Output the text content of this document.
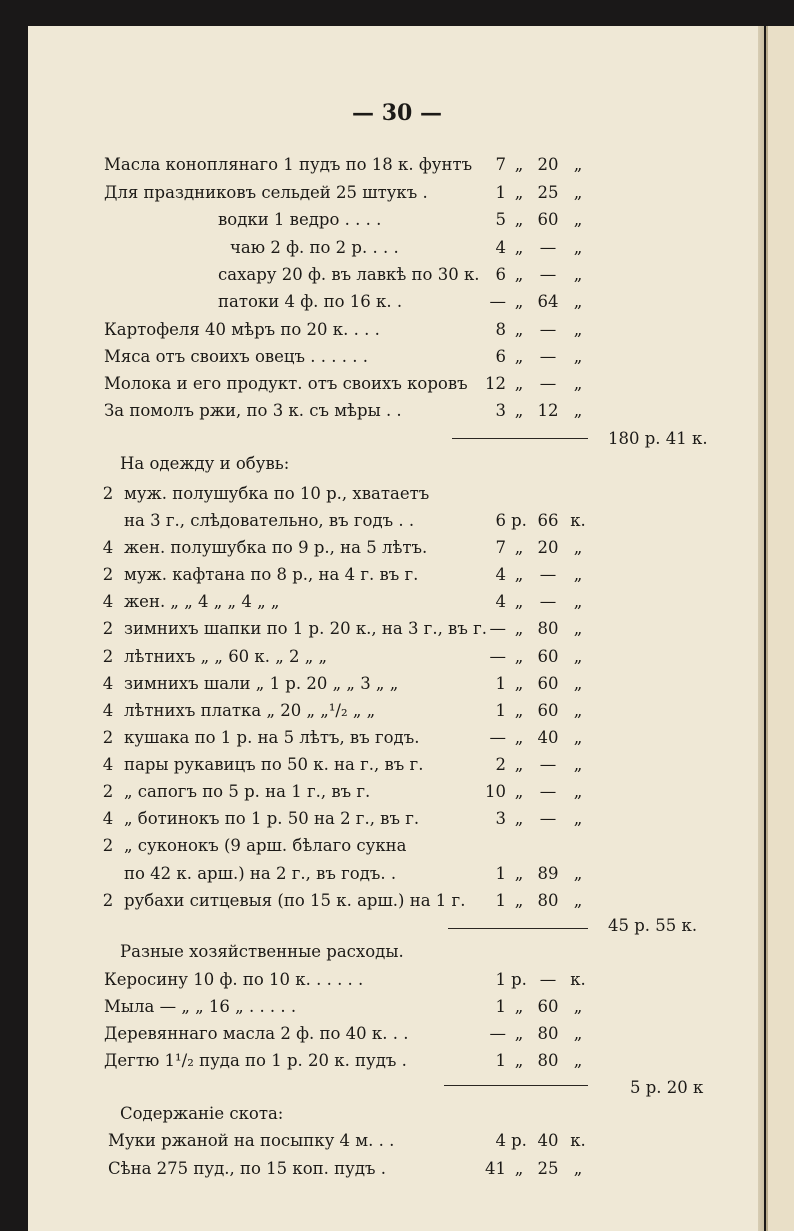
— 30 —
Масла коноплянаго 1 пудъ по 18 к. фунтъ	7 „ 20 „
Для праздниковъ сельдей 25 штукъ .	1 „ 25 „
водки 1 ведро . . . .	5 „ 60 „
чаю 2 ф. по 2 р. . . .	4 „ —	„
сахару 20 ф. въ лавкѣ по 30 к. 6 „ —	„
патоки 4 ф. по 16 к. .	— „ 64 „
Картофеля 40 мѣръ по 20 к. . . .	8 „ —	„
Мяса отъ своихъ овецъ . . . . . .	6 „ —	„
Молока и его продукт. отъ своихъ коровъ	12 „ —	„
За помолъ ржи, по 3 к. съ мѣры . .	3 „ 12 „
180 р. 41 к.
На одежду и обувь:
2 муж. полушубка по 10 р., хватаетъ
на 3 г., слѣдовательно, въ годъ . .	6 р. 66 к.
4 жен. полушубка по 9 р., на 5 лѣтъ.	7 „ 20 „
2 муж. кафтана по 8 р., на 4 г. въ г.	4 „ —	„
4 жен. „ „ 4 „ „ 4 „ „	4 „ —	„
2 зимнихъ шапки по 1 р. 20 к., на 3 г., въ г. — „ 80 „
2 лѣтнихъ „ „ 60 к. „ 2 „ „	— „ 60 „
4 зимнихъ шали „ 1 р. 20 „ „ 3 „ „	1 „ 60 „
4 лѣтнихъ платка „ 20 „ „¹/₂ „ „	1 „ 60 „
2 кушака по 1 р. на 5 лѣтъ, въ годъ.	— „ 40 „
4 пары рукавицъ по 50 к. на г., въ г.	2 „ —	„
2 „ сапогъ по 5 р. на 1 г., въ г.	10 „ —	„
4 „ ботинокъ по 1 р. 50 на 2 г., въ г.	3 „ —	„
2 „ суконокъ (9 арш. бѣлаго сукна
по 42 к. арш.) на 2 г., въ годъ. .	1 „ 89 „
2 рубахи ситцевыя (по 15 к. арш.) на 1 г.	1 „ 80 „
45 р. 55 к.
Разные хозяйственные расходы.
Керосину 10 ф. по 10 к. . . . . .	1 р. — к.
Мыла — „ „ 16 „ . . . . .	1 „ 60 „
Деревяннаго масла 2 ф. по 40 к. . .	— „ 80 „
Дегтю 1¹/₂ пуда по 1 р. 20 к. пудъ .	1 „ 80 „
5 р. 20 к
Содержаніе скота:
Муки ржаной на посыпку 4 м. . .	4 р. 40 к.
Сѣна 275 пуд., по 15 коп. пудъ .	41 „ 25 „
